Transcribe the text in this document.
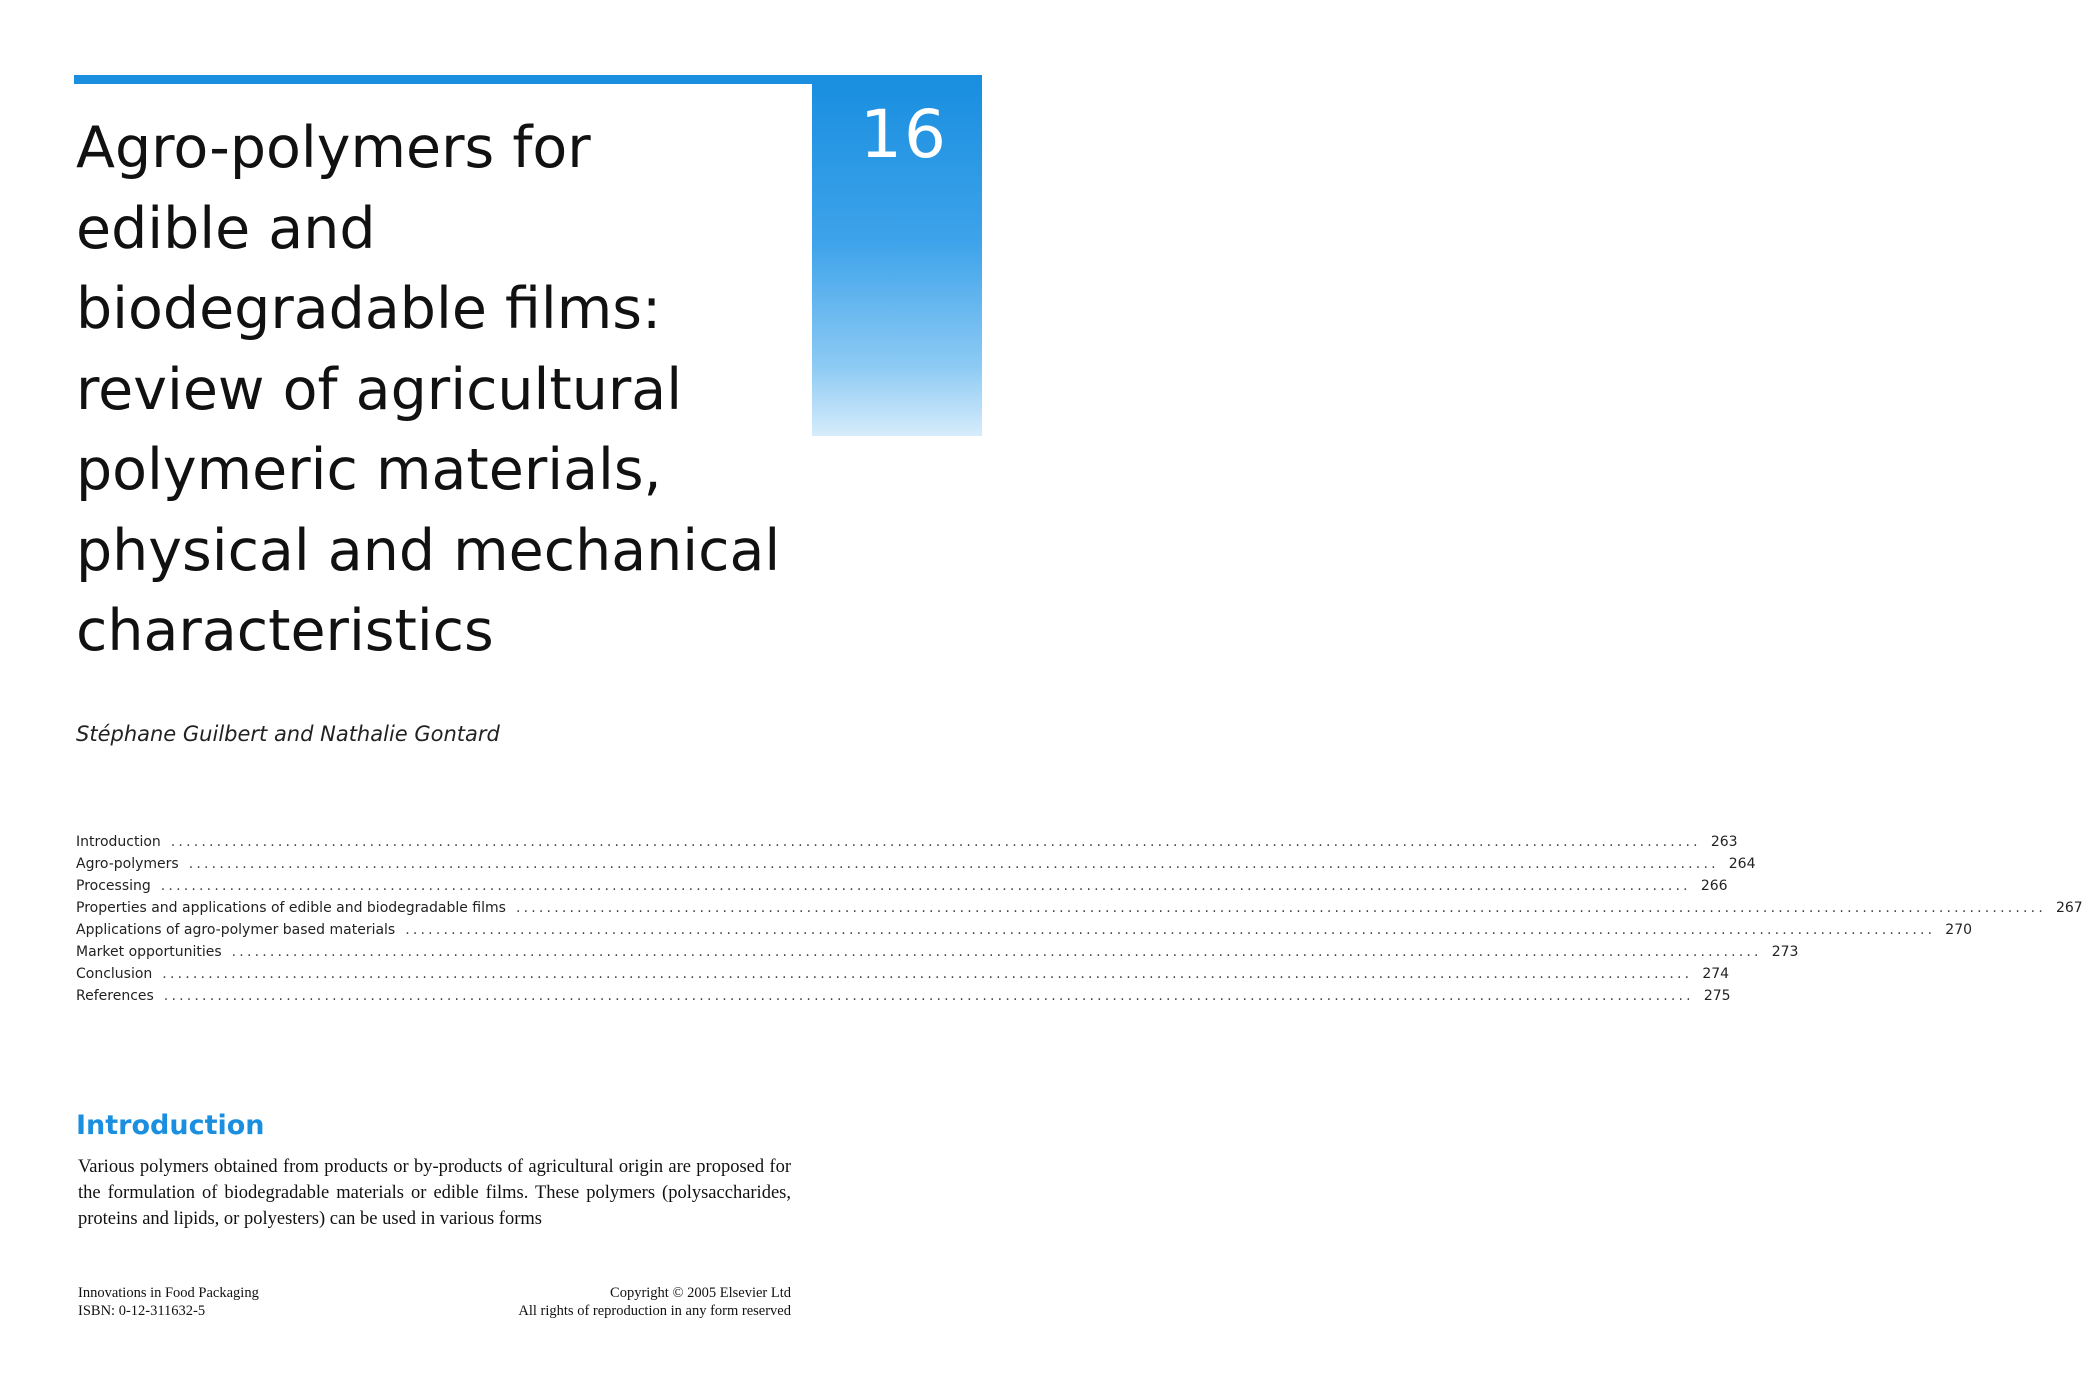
16
Agro-polymers for
edible and
biodegradable films:
review of agricultural
polymeric materials,
physical and mechanical
characteristics
Stéphane Guilbert and Nathalie Gontard
Introduction ........................................................................................................................................................................................................ 263
Agro-polymers ........................................................................................................................................................................................................ 264
Processing ........................................................................................................................................................................................................ 266
Properties and applications of edible and biodegradable films ........................................................................................................................................................................................................ 267
Applications of agro-polymer based materials ........................................................................................................................................................................................................ 270
Market opportunities ........................................................................................................................................................................................................ 273
Conclusion ........................................................................................................................................................................................................ 274
References ........................................................................................................................................................................................................ 275
Introduction

Various polymers obtained from products or by-products of agricultural origin are proposed for the formulation of biodegradable materials or edible films. These polymers (polysaccharides, proteins and lipids, or polyesters) can be used in various forms

Innovations in Food Packaging
ISBN: 0-12-311632-5
Copyright © 2005 Elsevier Ltd
All rights of reproduction in any form reserved
